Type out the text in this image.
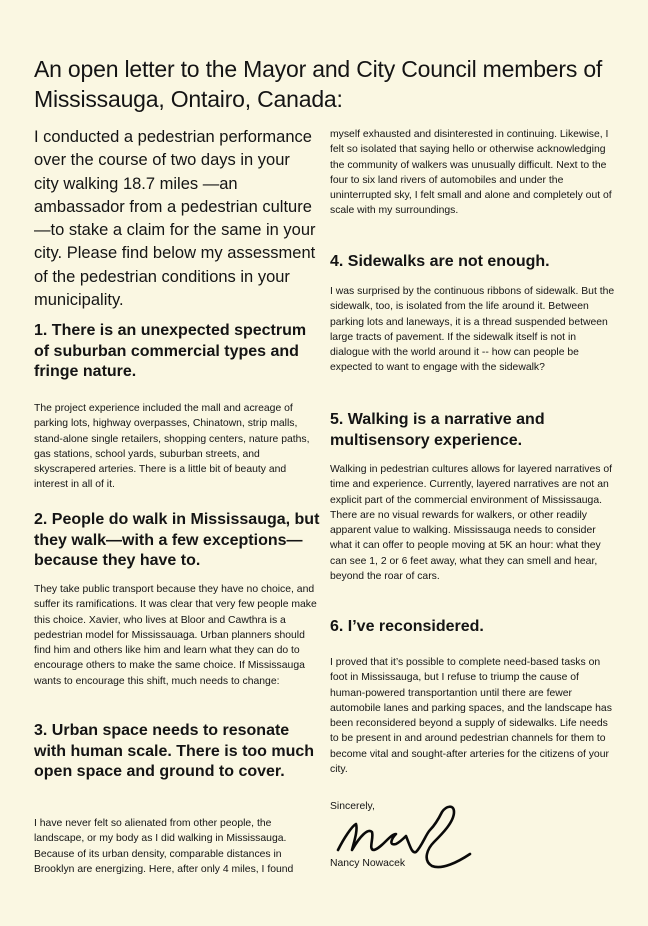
An open letter to the Mayor and City Council members of Mississauga, Ontairo, Canada:
I conducted a pedestrian performance over the course of two days in your city walking 18.7 miles —an ambassador from a pedestrian culture—to stake a claim for the same in your city. Please find below my assessment of the pedestrian conditions in your municipality.
1. There is an unexpected spectrum of suburban commercial types and fringe nature.

The project experience included the mall and acreage of parking lots, highway overpasses, Chinatown, strip malls, stand-alone single retailers, shopping centers, nature paths, gas stations, school yards, suburban streets, and skyscrapered arteries. There is a little bit of beauty and interest in all of it.

2. People do walk in Mississauga, but they walk—with a few exceptions—because they have to.

They take public transport because they have no choice, and suffer its ramifications. It was clear that very few people make this choice. Xavier, who lives at Bloor and Cawthra is a pedestrian model for Mississauaga. Urban planners should find him and others like him and learn what they can do to encourage others to make the same choice. If Mississauga wants to encourage this shift, much needs to change:

3. Urban space needs to resonate with human scale. There is too much open space and ground to cover.

I have never felt so alienated from other people, the landscape, or my body as I did walking in Mississauga. Because of its urban density, comparable distances in Brooklyn are energizing. Here, after only 4 miles, I found

myself exhausted and disinterested in continuing. Likewise, I felt so isolated that saying hello or otherwise acknowledging the community of walkers was unusually difficult. Next to the four to six land rivers of automobiles and under the uninterrupted sky, I felt small and alone and completely out of scale with my surroundings.

4. Sidewalks are not enough.

I was surprised by the continuous ribbons of sidewalk. But the sidewalk, too, is isolated from the life around it. Between parking lots and laneways, it is a thread suspended between large tracts of pavement. If the sidewalk itself is not in dialogue with the world around it -- how can people be expected to want to engage with the sidewalk?

5. Walking is a narrative and multisensory experience.

Walking in pedestrian cultures allows for layered narratives of time and experience. Currently, layered narratives are not an explicit part of the commercial environment of Mississauga. There are no visual rewards for walkers, or other readily apparent value to walking. Mississauga needs to consider what it can offer to people moving at 5K an hour: what they can see 1, 2 or 6 feet away, what they can smell and hear, beyond the roar of cars.

6. I’ve reconsidered.

I proved that it’s possible to complete need-based tasks on foot in Mississauga, but I refuse to triump the cause of human-powered transportantion until there are fewer automobile lanes and parking spaces, and the landscape has been reconsidered beyond a supply of sidewalks. Life needs to be present in and around pedestrian channels for them to become vital and sought-after arteries for the citizens of your city.

Sincerely,
Nancy Nowacek
